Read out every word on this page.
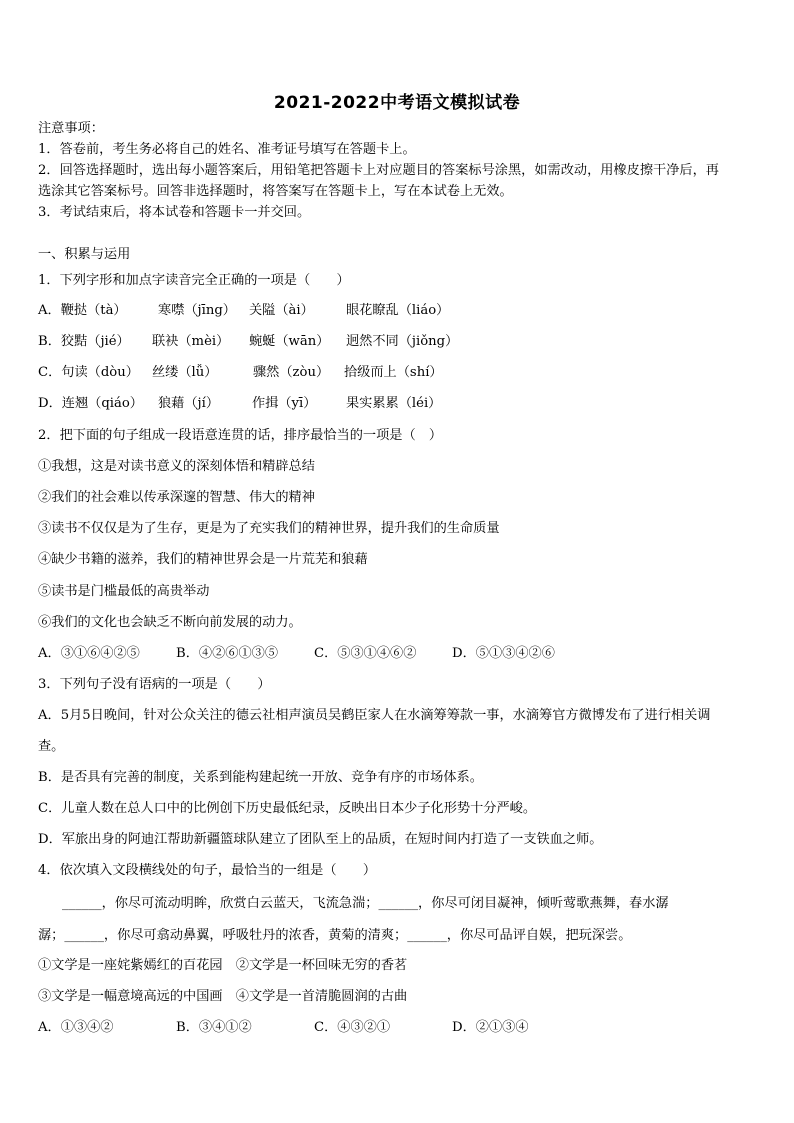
2021-2022中考语文模拟试卷
注意事项：
1．答卷前，考生务必将自己的姓名、准考证号填写在答题卡上。
2．回答选择题时，选出每小题答案后，用铅笔把答题卡上对应题目的答案标号涂黑，如需改动，用橡皮擦干净后，再
选涂其它答案标号。回答非选择题时，将答案写在答题卡上，写在本试卷上无效。
3．考试结束后，将本试卷和答题卡一并交回。
一、积累与运用
1．下列字形和加点字读音完全正确的一项是（　　）
A．鞭挞（tà） 寒噤（jīng） 关隘（ài） 眼花瞭乱（liáo）
B．狡黠（jié） 联袂（mèi） 蜿蜒（wān） 迥然不同（jiǒng）
C．句读（dòu） 丝缕（lǚ）	骤然（zòu） 拾级而上（shí）
D．连翘（qiáo） 狼藉（jí） 作揖（yī） 果实累累（léi）
2．把下面的句子组成一段语意连贯的话，排序最恰当的一项是（　）
①我想，这是对读书意义的深刻体悟和精辟总结
②我们的社会难以传承深邃的智慧、伟大的精神
③读书不仅仅是为了生存，更是为了充实我们的精神世界，提升我们的生命质量
④缺少书籍的滋养，我们的精神世界会是一片荒芜和狼藉
⑤读书是门槛最低的高贵举动
⑥我们的文化也会缺乏不断向前发展的动力。
A．③①⑥④②⑤	B．④②⑥①③⑤	C．⑤③①④⑥②	D．⑤①③④②⑥
3．下列句子没有语病的一项是（　　）
A．5月5日晚间，针对公众关注的德云社相声演员吴鹤臣家人在水滴筹筹款一事，水滴筹官方微博发布了进行相关调
查。
B．是否具有完善的制度，关系到能构建起统一开放、竞争有序的市场体系。
C．儿童人数在总人口中的比例创下历史最低纪录，反映出日本少子化形势十分严峻。
D．军旅出身的阿迪江帮助新疆篮球队建立了团队至上的品质，在短时间内打造了一支铁血之师。
4．依次填入文段横线处的句子，最恰当的一组是（　　）
______，你尽可流动明眸，欣赏白云蓝天，飞流急湍；______，你尽可闭目凝神，倾听莺歌燕舞，春水潺
潺；______，你尽可翕动鼻翼，呼吸牡丹的浓香，黄菊的清爽；______，你尽可品评自娱，把玩深尝。
①文学是一座姹紫嫣红的百花园　②文学是一杯回味无穷的香茗
③文学是一幅意境高远的中国画　④文学是一首清脆圆润的古曲
A．①③④②	B．③④①②	C．④③②①	D．②①③④
